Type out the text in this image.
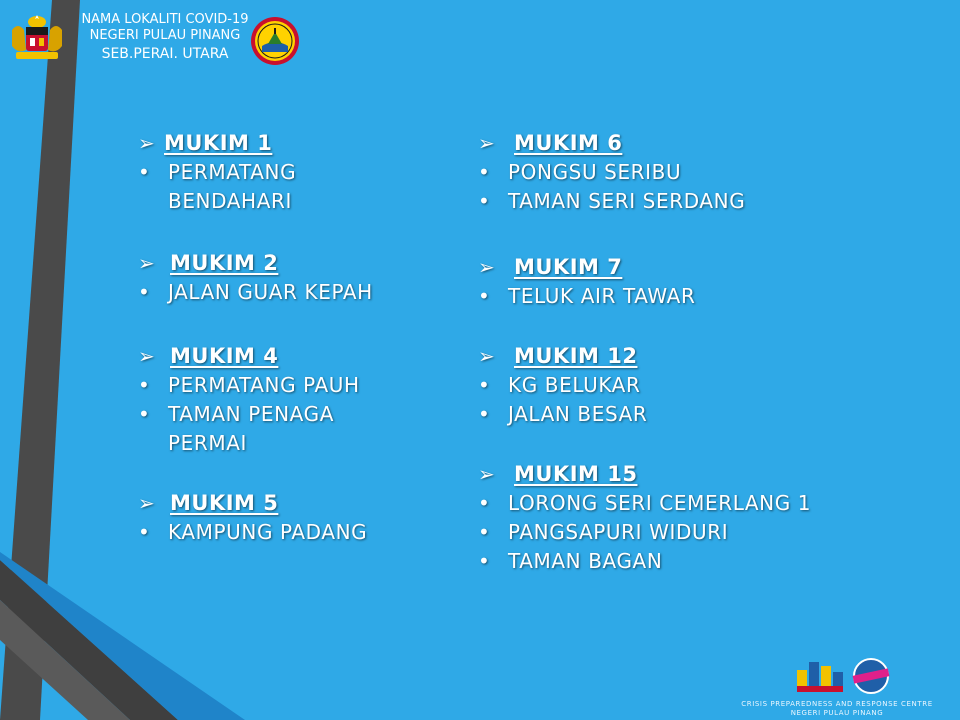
NAMA LOKALITI COVID-19
NEGERI PULAU PINANG
SEB.PERAI. UTARA
➢ MUKIM 1
• PERMATANG BENDAHARI
➢ MUKIM 2
• JALAN GUAR KEPAH
➢ MUKIM 4
• PERMATANG PAUH
• TAMAN PENAGA PERMAI
➢ MUKIM 5
• KAMPUNG PADANG
➢ MUKIM 6
• PONGSU SERIBU
• TAMAN SERI SERDANG
➢ MUKIM 7
• TELUK AIR TAWAR
➢ MUKIM 12
• KG BELUKAR
• JALAN BESAR
➢ MUKIM 15
• LORONG SERI CEMERLANG 1
• PANGSAPURI WIDURI
• TAMAN BAGAN
CRISIS PREPAREDNESS AND RESPONSE CENTRE
NEGERI PULAU PINANG
